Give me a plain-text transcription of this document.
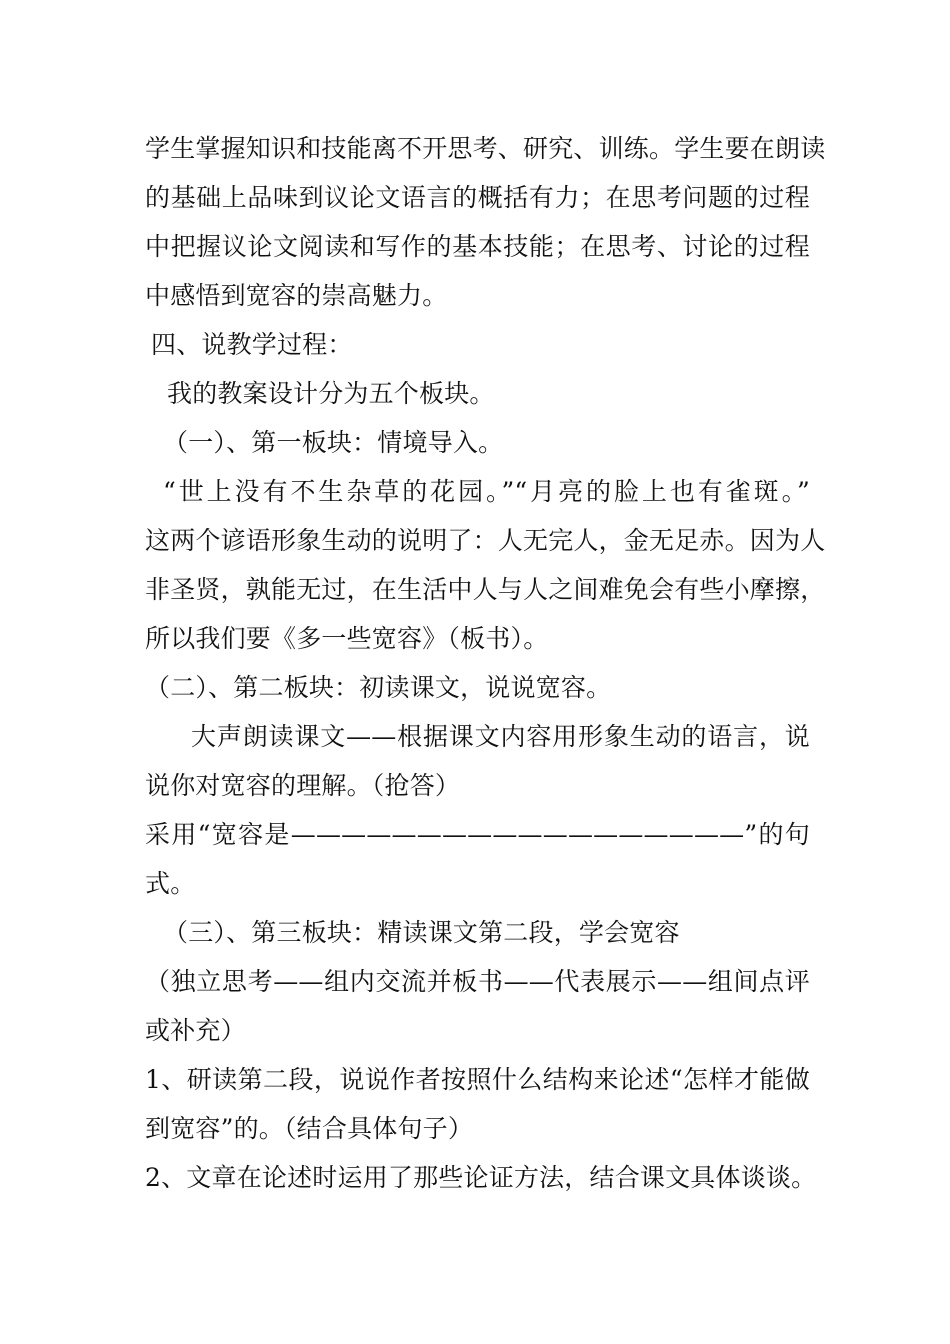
学生掌握知识和技能离不开思考、研究、训练。学生要在朗读
的基础上品味到议论文语言的概括有力；在思考问题的过程
中把握议论文阅读和写作的基本技能；在思考、讨论的过程
中感悟到宽容的崇高魅力。
四、说教学过程：
我的教案设计分为五个板块。
（一）、第一板块：情境导入。
“世上没有不生杂草的花园。”“月亮的脸上也有雀斑。”
这两个谚语形象生动的说明了：人无完人，金无足赤。因为人
非圣贤，孰能无过，在生活中人与人之间难免会有些小摩擦，
所以我们要《多一些宽容》（板书）。
（二）、第二板块：初读课文，说说宽容。
大声朗读课文——根据课文内容用形象生动的语言，说
说你对宽容的理解。（抢答）
采用“宽容是——————————————————”的句
式。
（三）、第三板块：精读课文第二段，学会宽容
（独立思考——组内交流并板书——代表展示——组间点评
或补充）
1、研读第二段，说说作者按照什么结构来论述“怎样才能做
到宽容”的。（结合具体句子）
2、文章在论述时运用了那些论证方法，结合课文具体谈谈。
